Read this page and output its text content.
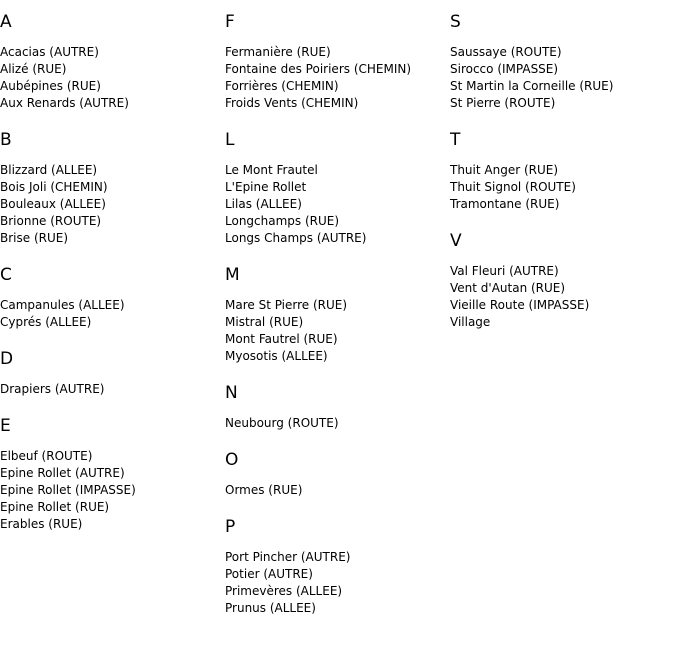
A
Acacias (AUTRE)
Alizé (RUE)
Aubépines (RUE)
Aux Renards (AUTRE)
B
Blizzard (ALLEE)
Bois Joli (CHEMIN)
Bouleaux (ALLEE)
Brionne (ROUTE)
Brise (RUE)
C
Campanules (ALLEE)
Cyprés (ALLEE)
D
Drapiers (AUTRE)
E
Elbeuf (ROUTE)
Epine Rollet (AUTRE)
Epine Rollet (IMPASSE)
Epine Rollet (RUE)
Erables (RUE)
F
Fermanière (RUE)
Fontaine des Poiriers (CHEMIN)
Forrières (CHEMIN)
Froids Vents (CHEMIN)
L
Le Mont Frautel
L'Epine Rollet
Lilas (ALLEE)
Longchamps (RUE)
Longs Champs (AUTRE)
M
Mare St Pierre (RUE)
Mistral (RUE)
Mont Fautrel (RUE)
Myosotis (ALLEE)
N
Neubourg (ROUTE)
O
Ormes (RUE)
P
Port Pincher (AUTRE)
Potier (AUTRE)
Primevères (ALLEE)
Prunus (ALLEE)
S
Saussaye (ROUTE)
Sirocco (IMPASSE)
St Martin la Corneille (RUE)
St Pierre (ROUTE)
T
Thuit Anger (RUE)
Thuit Signol (ROUTE)
Tramontane (RUE)
V
Val Fleuri (AUTRE)
Vent d'Autan (RUE)
Vieille Route (IMPASSE)
Village
